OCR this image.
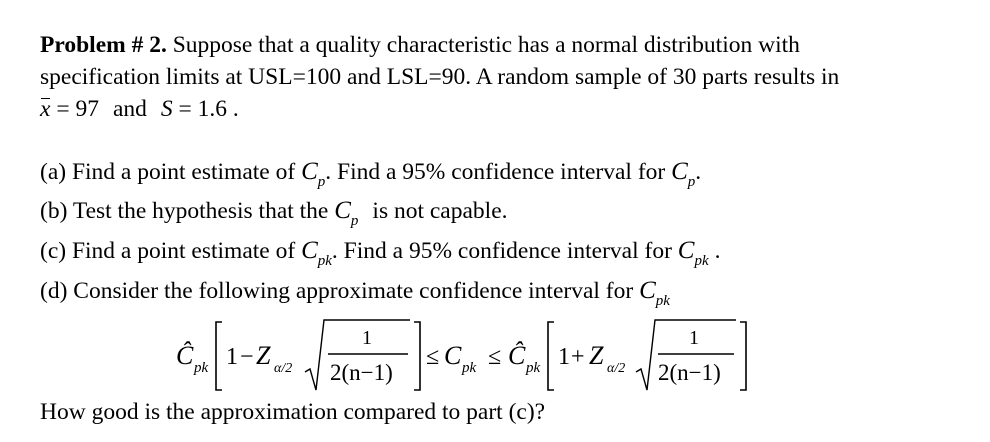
Problem # 2. Suppose that a quality characteristic has a normal distribution with
specification limits at USL=100 and LSL=90. A random sample of 30 parts results in
x = 97 and S = 1.6 .
(a) Find a point estimate of $C_p$. Find a 95% confidence interval for $C_p$.
(b) Test the hypothesis that the $C_p$ is not capable.
(c) Find a point estimate of $C_{pk}$. Find a 95% confidence interval for $C_{pk}$ .
(d) Consider the following approximate confidence interval for $C_{pk}$
Ĉ pk 1 − Z α/2
1
2(n−1)
≤ C pk ≤ Ĉ pk 1 + Z α/2
1
2(n−1)
How good is the approximation compared to part (c)?
